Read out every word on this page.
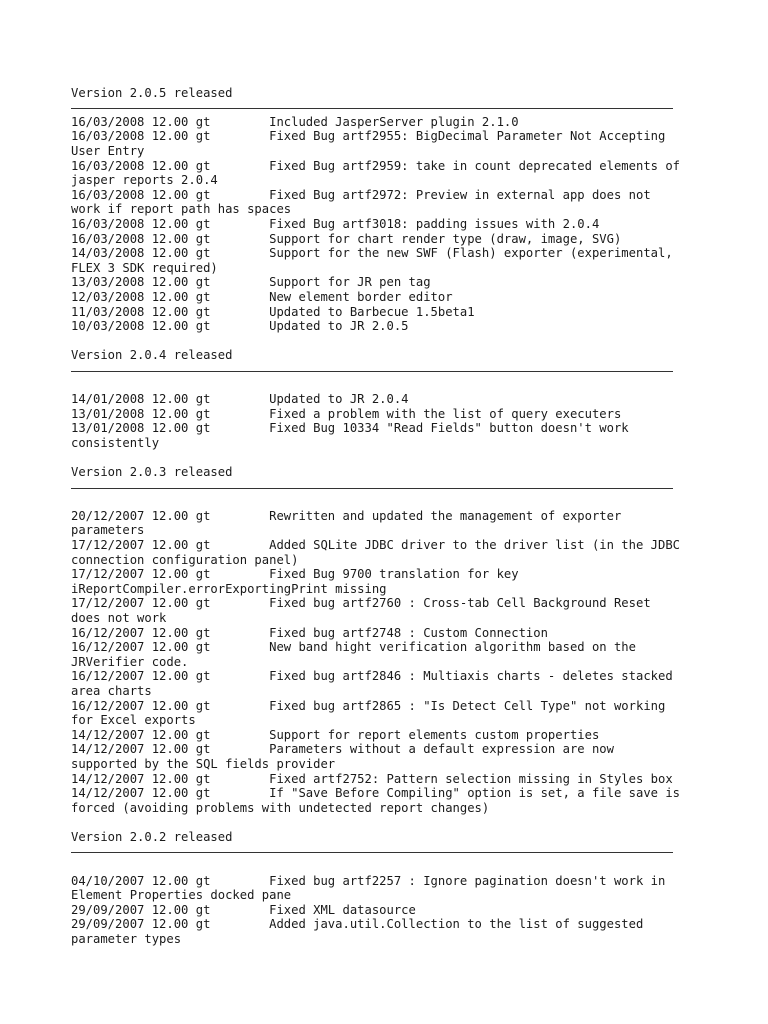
Version 2.0.5 released
16/03/2008 12.00 gt        Included JasperServer plugin 2.1.0
16/03/2008 12.00 gt        Fixed Bug artf2955: BigDecimal Parameter Not Accepting
User Entry
16/03/2008 12.00 gt        Fixed Bug artf2959: take in count deprecated elements of
jasper reports 2.0.4
16/03/2008 12.00 gt        Fixed Bug artf2972: Preview in external app does not
work if report path has spaces
16/03/2008 12.00 gt        Fixed Bug artf3018: padding issues with 2.0.4
16/03/2008 12.00 gt        Support for chart render type (draw, image, SVG)
14/03/2008 12.00 gt        Support for the new SWF (Flash) exporter (experimental,
FLEX 3 SDK required)
13/03/2008 12.00 gt        Support for JR pen tag
12/03/2008 12.00 gt        New element border editor
11/03/2008 12.00 gt        Updated to Barbecue 1.5beta1
10/03/2008 12.00 gt        Updated to JR 2.0.5
Version 2.0.4 released
14/01/2008 12.00 gt        Updated to JR 2.0.4
13/01/2008 12.00 gt        Fixed a problem with the list of query executers
13/01/2008 12.00 gt        Fixed Bug 10334 "Read Fields" button doesn't work
consistently
Version 2.0.3 released
20/12/2007 12.00 gt        Rewritten and updated the management of exporter
parameters
17/12/2007 12.00 gt        Added SQLite JDBC driver to the driver list (in the JDBC
connection configuration panel)
17/12/2007 12.00 gt        Fixed Bug 9700 translation for key
iReportCompiler.errorExportingPrint missing
17/12/2007 12.00 gt        Fixed bug artf2760 : Cross-tab Cell Background Reset
does not work
16/12/2007 12.00 gt        Fixed bug artf2748 : Custom Connection
16/12/2007 12.00 gt        New band hight verification algorithm based on the
JRVerifier code.
16/12/2007 12.00 gt        Fixed bug artf2846 : Multiaxis charts - deletes stacked
area charts
16/12/2007 12.00 gt        Fixed bug artf2865 : "Is Detect Cell Type" not working
for Excel exports
14/12/2007 12.00 gt        Support for report elements custom properties
14/12/2007 12.00 gt        Parameters without a default expression are now
supported by the SQL fields provider
14/12/2007 12.00 gt        Fixed artf2752: Pattern selection missing in Styles box
14/12/2007 12.00 gt        If "Save Before Compiling" option is set, a file save is
forced (avoiding problems with undetected report changes)
Version 2.0.2 released
04/10/2007 12.00 gt        Fixed bug artf2257 : Ignore pagination doesn't work in
Element Properties docked pane
29/09/2007 12.00 gt        Fixed XML datasource
29/09/2007 12.00 gt        Added java.util.Collection to the list of suggested
parameter types
